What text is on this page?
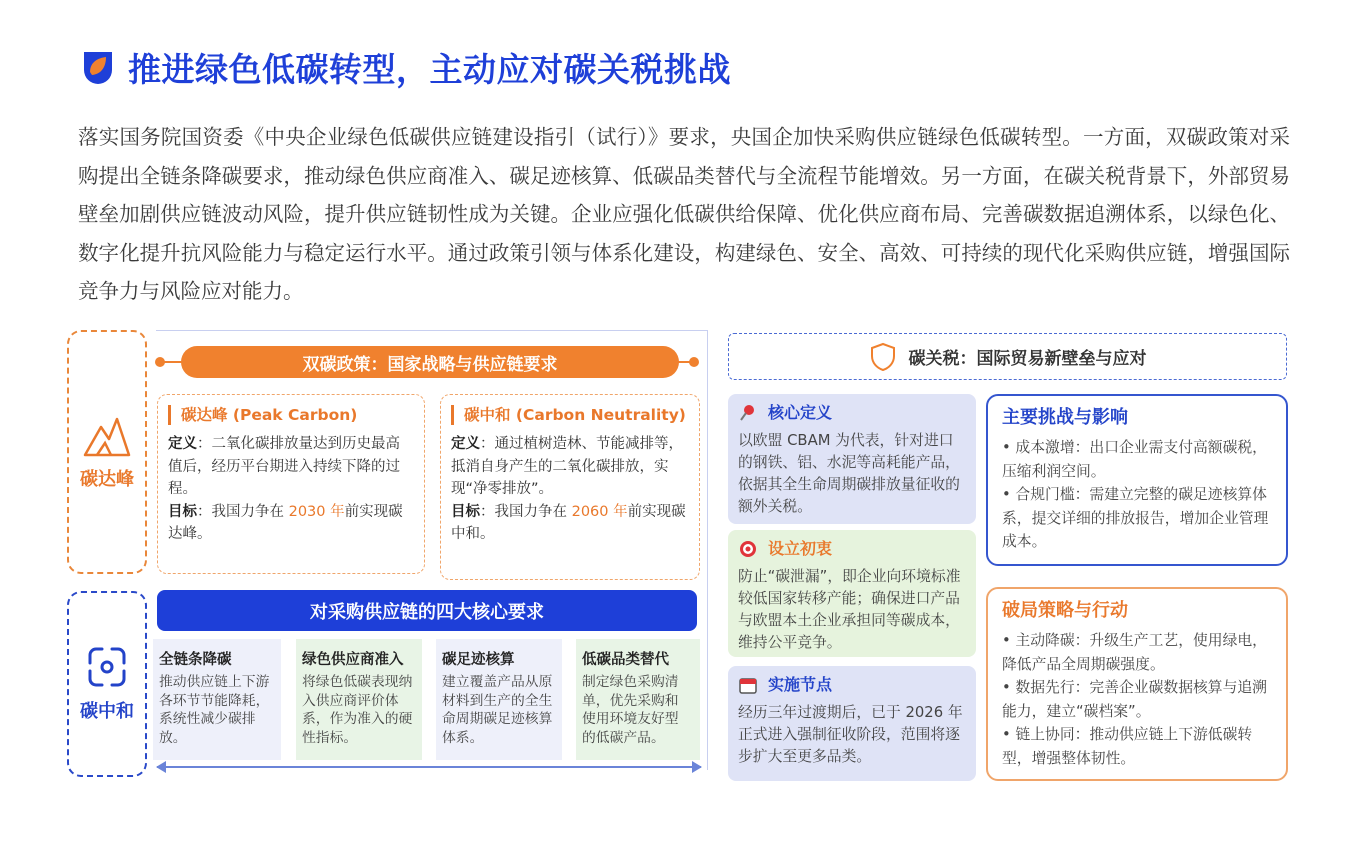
推进绿色低碳转型，主动应对碳关税挑战

落实国务院国资委《中央企业绿色低碳供应链建设指引（试行）》要求，央国企加快采购供应链绿色低碳转型。一方面，双碳政策对采购提出全链条降碳要求，推动绿色供应商准入、碳足迹核算、低碳品类替代与全流程节能增效。另一方面，在碳关税背景下，外部贸易壁垒加剧供应链波动风险，提升供应链韧性成为关键。企业应强化低碳供给保障、优化供应商布局、完善碳数据追溯体系，以绿色化、数字化提升抗风险能力与稳定运行水平。通过政策引领与体系化建设，构建绿色、安全、高效、可持续的现代化采购供应链，增强国际竞争力与风险应对能力。

碳达峰
碳中和
双碳政策：国家战略与供应链要求
碳达峰 (Peak Carbon)
定义：二氧化碳排放量达到历史最高值后，经历平台期进入持续下降的过程。
目标：我国力争在 2030 年前实现碳达峰。
碳中和 (Carbon Neutrality)
定义：通过植树造林、节能减排等，抵消自身产生的二氧化碳排放，实现“净零排放”。
目标：我国力争在 2060 年前实现碳中和。
对采购供应链的四大核心要求
全链条降碳
推动供应链上下游各环节节能降耗，系统性减少碳排放。
绿色供应商准入
将绿色低碳表现纳入供应商评价体系，作为准入的硬性指标。
碳足迹核算
建立覆盖产品从原材料到生产的全生命周期碳足迹核算体系。
低碳品类替代
制定绿色采购清单，优先采购和使用环境友好型的低碳产品。
碳关税：国际贸易新壁垒与应对
核心定义
以欧盟 CBAM 为代表，针对进口的钢铁、铝、水泥等高耗能产品，依据其全生命周期碳排放量征收的额外关税。
设立初衷
防止“碳泄漏”，即企业向环境标准较低国家转移产能；确保进口产品与欧盟本土企业承担同等碳成本，维持公平竞争。
实施节点
经历三年过渡期后，已于 2026 年正式进入强制征收阶段，范围将逐步扩大至更多品类。
主要挑战与影响
• 成本激增：出口企业需支付高额碳税，压缩利润空间。
• 合规门槛：需建立完整的碳足迹核算体系，提交详细的排放报告，增加企业管理成本。
破局策略与行动
• 主动降碳：升级生产工艺，使用绿电，降低产品全周期碳强度。
• 数据先行：完善企业碳数据核算与追溯能力，建立“碳档案”。
• 链上协同：推动供应链上下游低碳转型，增强整体韧性。
